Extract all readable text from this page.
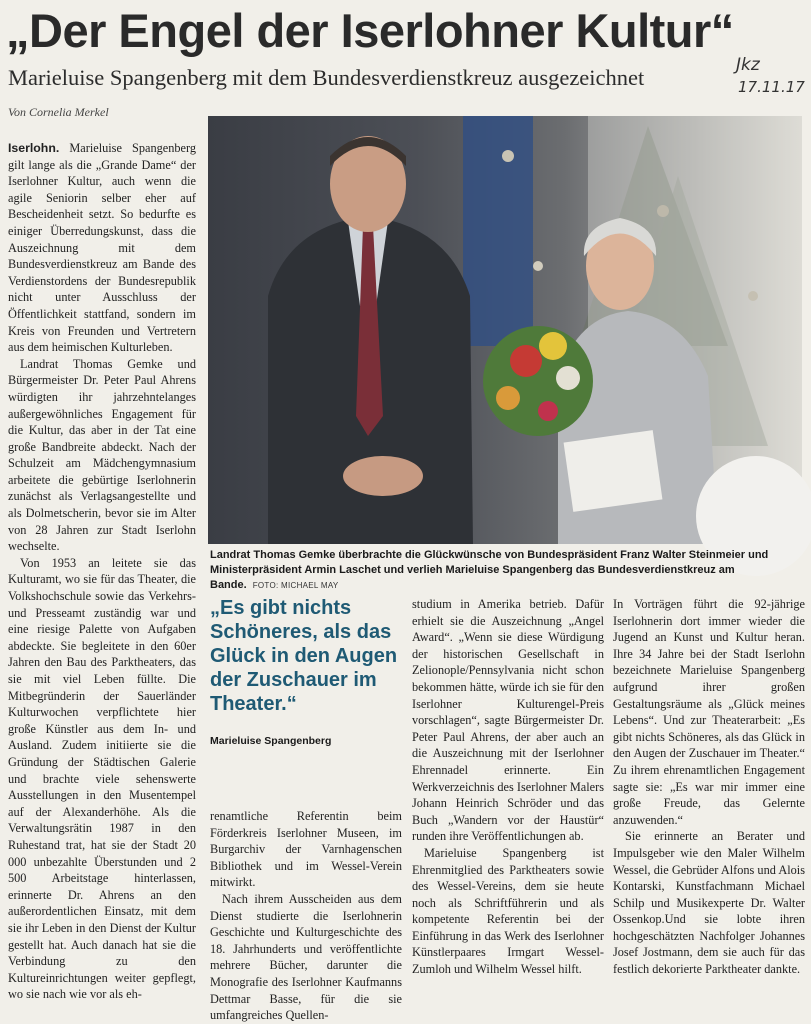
„Der Engel der Iserlohner Kultur“
Marieluise Spangenberg mit dem Bundesverdienstkreuz ausgezeichnet
Von Cornelia Merkel
Jkz
17.11.17

Iserlohn. Marieluise Spangenberg gilt lange als die „Grande Dame“ der Iserlohner Kultur, auch wenn die agile Seniorin selber eher auf Bescheidenheit setzt. So bedurfte es einiger Überredungskunst, dass die Auszeichnung mit dem Bundesverdienstkreuz am Bande des Verdienstordens der Bundesrepublik nicht unter Ausschluss der Öffentlichkeit stattfand, sondern im Kreis von Freunden und Vertretern aus dem heimischen Kulturleben.

Landrat Thomas Gemke und Bürgermeister Dr. Peter Paul Ahrens würdigten ihr jahrzehntelanges außergewöhnliches Engagement für die Kultur, das aber in der Tat eine große Bandbreite abdeckt. Nach der Schulzeit am Mädchengymnasium arbeitete die gebürtige Iserlohnerin zunächst als Verlagsangestellte und als Dolmetscherin, bevor sie im Alter von 28 Jahren zur Stadt Iserlohn wechselte.

Von 1953 an leitete sie das Kulturamt, wo sie für das Theater, die Volkshochschule sowie das Verkehrs- und Presseamt zuständig war und eine riesige Palette von Aufgaben abdeckte. Sie begleitete in den 60er Jahren den Bau des Parktheaters, das sie mit viel Leben füllte. Die Mitbegründerin der Sauerländer Kulturwochen verpflichtete hier große Künstler aus dem In- und Ausland. Zudem initiierte sie die Gründung der Städtischen Galerie und brachte viele sehenswerte Ausstellungen in den Musentempel auf der Alexanderhöhe. Als die Verwaltungsrätin 1987 in den Ruhestand trat, hat sie der Stadt 20 000 unbezahlte Überstunden und 2 500 Arbeitstage hinterlassen, erinnerte Dr. Ahrens an den außerordentlichen Einsatz, mit dem sie ihr Leben in den Dienst der Kultur gestellt hat. Auch danach hat sie die Verbindung zu den Kultureinrichtungen weiter gepflegt, wo sie nach wie vor als eh-

Landrat Thomas Gemke überbrachte die Glückwünsche von Bundespräsident Franz Walter Steinmeier und Ministerpräsident Armin Laschet und verlieh Marieluise Spangenberg das Bundesverdienstkreuz am Bande. FOTO: MICHAEL MAY
„Es gibt nichts Schöneres, als das Glück in den Augen der Zuschauer im Theater.“
Marieluise Spangenberg

renamtliche Referentin beim Förderkreis Iserlohner Museen, im Burgarchiv der Varnhagenschen Bibliothek und im Wessel-Verein mitwirkt.

Nach ihrem Ausscheiden aus dem Dienst studierte die Iserlohnerin Geschichte und Kulturgeschichte des 18. Jahrhunderts und veröffentlichte mehrere Bücher, darunter die Monografie des Iserlohner Kaufmanns Dettmar Basse, für die sie umfangreiches Quellen-

studium in Amerika betrieb. Dafür erhielt sie die Auszeichnung „Angel Award“. „Wenn sie diese Würdigung der historischen Gesellschaft in Zelionople/Pennsylvania nicht schon bekommen hätte, würde ich sie für den Iserlohner Kulturengel-Preis vorschlagen“, sagte Bürgermeister Dr. Peter Paul Ahrens, der aber auch an die Auszeichnung mit der Iserlohner Ehrennadel erinnerte. Ein Werkverzeichnis des Iserlohner Malers Johann Heinrich Schröder und das Buch „Wandern vor der Haustür“ runden ihre Veröffentlichungen ab.

Marieluise Spangenberg ist Ehrenmitglied des Parktheaters sowie des Wessel-Vereins, dem sie heute noch als Schriftführerin und als kompetente Referentin bei der Einführung in das Werk des Iserlohner Künstlerpaares Irmgart Wessel-Zumloh und Wilhelm Wessel hilft.

In Vorträgen führt die 92-jährige Iserlohnerin dort immer wieder die Jugend an Kunst und Kultur heran. Ihre 34 Jahre bei der Stadt Iserlohn bezeichnete Marieluise Spangenberg aufgrund ihrer großen Gestaltungsräume als „Glück meines Lebens“. Und zur Theaterarbeit: „Es gibt nichts Schöneres, als das Glück in den Augen der Zuschauer im Theater.“ Zu ihrem ehrenamtlichen Engagement sagte sie: „Es war mir immer eine große Freude, das Gelernte anzuwenden.“

Sie erinnerte an Berater und Impulsgeber wie den Maler Wilhelm Wessel, die Gebrüder Alfons und Alois Kontarski, Kunstfachmann Michael Schilp und Musikexperte Dr. Walter Ossenkop.Und sie lobte ihren hochgeschätzten Nachfolger Johannes Josef Jostmann, dem sie auch für das festlich dekorierte Parktheater dankte.
